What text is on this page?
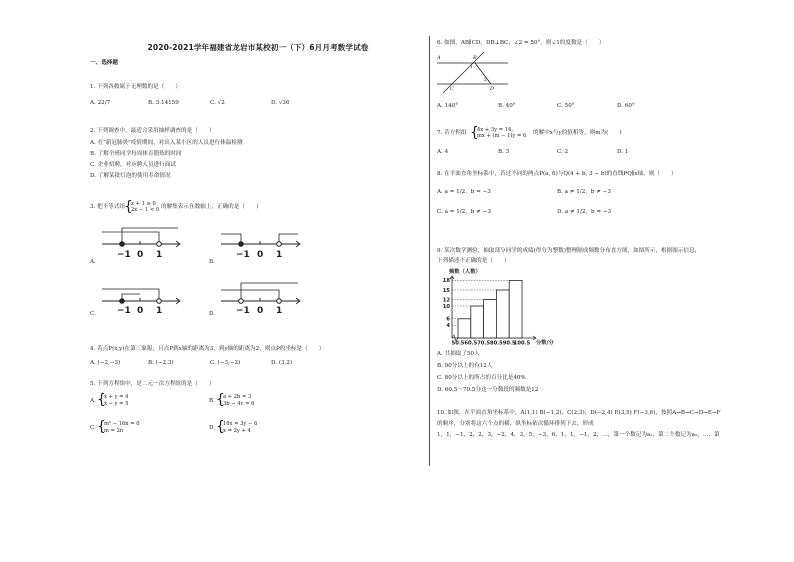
2020-2021学年福建省龙岩市某校初一（下）6月月考数学试卷
一、选择题
1. 下列各数属于无理数的是（　　）
A. 22/7	B. 3.14159	C. √2	D. √36
2. 下列调查中，最适合采用抽样调查的是（　　）
A. 在"新冠肺炎"疫情期间，对出入某小区的人员进行体温检测
B. 了解全班同学每周体育锻炼的时间
C. 企业招聘，对应聘人员进行面试
D. 了解某批灯泡的使用寿命情况
3. 把不等式组
{
x + 1 ≥ 0
2x − 1 < 0 的解集表示在数轴上，正确的是（　　）
A.	B.
C.	D.
−1 0 1	−1 0 1
−1 0 1	−1 0 1
4. 若点P(x,y)在第三象限，且点P到x轴的距离为3，到y轴的距离为2，则点P的坐标是（　　）
A. (−2,−3)	B. (−2,3)	C. (−3,−2)	D. (3,2)
5. 下列方程组中，是二元一次方程组的是（　　）
A. {
x + y = 4
x − y = 5	B. {
a + 2b = 3
3b − 4c = 6
C. {
m² − 16n = 0
m = 2n	D. {
16x = 3y − 6
x = 2y + 4
6. 如图，AB∥CD，DB⊥BC，∠2 = 50°，则∠1的度数是（　　）
A	B
C	D
1
2
A. 140°	B. 40°	C. 50°	D. 60°
7. 若方程组 {
4x + 3y = 14,
mx + (m − 1)y = 6 的解中x与y的值相等，则m为(　　)
A. 4	B. 3	C. 2	D. 1
8. 在平面直角坐标系中，若过不同的两点P(a, 6)与Q(4 + b, 3 − b)的直线PQ∥x轴，则（　　）
A. a = 1/2，b = −3	B. a ≠ 1/2，b ≠ −3
C. a = 1/2，b ≠ −3	D. a ≠ 1/2，b = −3
9. 某次数学测验，抽取部分同学的成绩(得分为整数)整理制成频数分布直方图，如图所示，根据图示信息，
下列描述不正确的是（　　）
4
6
10
12
15
18
50.5 60.5 70.5 80.5 90.5
100.5
频数（人数）
分数/分
A. 共抽取了50人
B. 90分以上的有12人
C. 80分以上的所占的百分比是40%
D. 60.5～70.5分这一分数段的频数是12
10. 如图，在平面直角坐标系中，A(1,1) B(−1,2)，C(2,3)，D(−2,4) E(3,5) F(−3,6)，按照A→B→C→D→E→F
的顺序，分别将这六个点的横、纵坐标依次循环排列下去，形成
1，1，−1，2，2，3，−2，4，3，5，−3，6，1，1，−1，2，…，第一个数记为a₁，第二个数记为a₂，…，第
